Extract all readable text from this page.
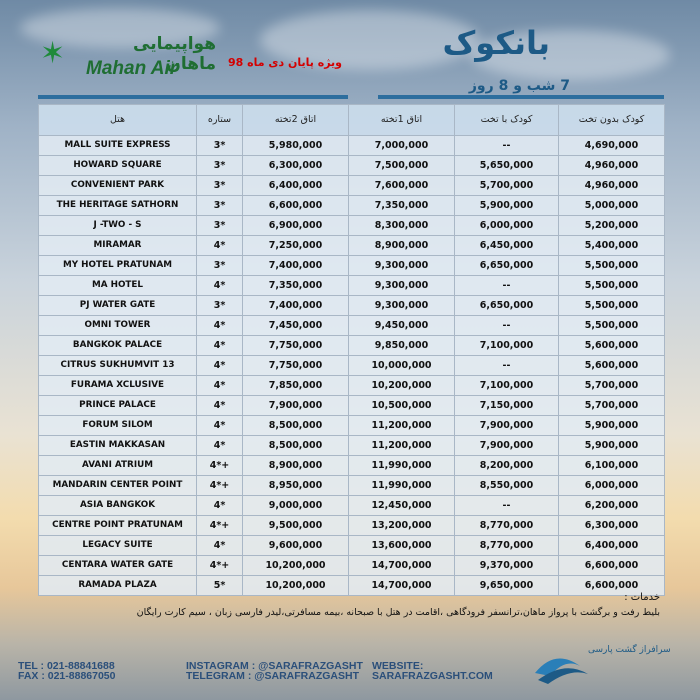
✶	هواپیمایی ماهان
Mahan Air	ویژه پایان دی ماه 98
بانکوک
7 شب و 8 روز
هتل	ستاره	اتاق 2تخته	اتاق 1تخته	کودک با تخت	کودک بدون تخت
MALL SUITE EXPRESS	3*	5,980,000	7,000,000	--	4,690,000
HOWARD SQUARE	3*	6,300,000	7,500,000	5,650,000	4,960,000
CONVENIENT PARK	3*	6,400,000	7,600,000	5,700,000	4,960,000
THE HERITAGE SATHORN	3*	6,600,000	7,350,000	5,900,000	5,000,000
J -TWO - S	3*	6,900,000	8,300,000	6,000,000	5,200,000
MIRAMAR	4*	7,250,000	8,900,000	6,450,000	5,400,000
MY HOTEL PRATUNAM	3*	7,400,000	9,300,000	6,650,000	5,500,000
MA HOTEL	4*	7,350,000	9,300,000	--	5,500,000
PJ WATER GATE	3*	7,400,000	9,300,000	6,650,000	5,500,000
OMNI TOWER	4*	7,450,000	9,450,000	--	5,500,000
BANGKOK PALACE	4*	7,750,000	9,850,000	7,100,000	5,600,000
CITRUS SUKHUMVIT 13	4*	7,750,000	10,000,000	--	5,600,000
FURAMA XCLUSIVE	4*	7,850,000	10,200,000	7,100,000	5,700,000
PRINCE PALACE	4*	7,900,000	10,500,000	7,150,000	5,700,000
FORUM SILOM	4*	8,500,000	11,200,000	7,900,000	5,900,000
EASTIN MAKKASAN	4*	8,500,000	11,200,000	7,900,000	5,900,000
AVANI ATRIUM	4*+	8,900,000	11,990,000	8,200,000	6,100,000
MANDARIN CENTER POINT	4*+	8,950,000	11,990,000	8,550,000	6,000,000
ASIA BANGKOK	4*	9,000,000	12,450,000	--	6,200,000
CENTRE POINT PRATUNAM	4*+	9,500,000	13,200,000	8,770,000	6,300,000
LEGACY SUITE	4*	9,600,000	13,600,000	8,770,000	6,400,000
CENTARA WATER GATE	4*+	10,200,000	14,700,000	9,370,000	6,600,000
RAMADA PLAZA	5*	10,200,000	14,700,000	9,650,000	6,600,000
خدمات :
بلیط رفت و برگشت با پرواز ماهان،ترانسفر فرودگاهی ،اقامت در هتل با صبحانه ،بیمه مسافرتی،لیدر فارسی زبان ، سیم کارت رایگان
TEL : 021-88841688
FAX : 021-88867050
INSTAGRAM : @SARAFRAZGASHT
TELEGRAM : @SARAFRAZGASHT
WEBSITE:
SARAFRAZGASHT.COM
سرافراز گشت پارسی
